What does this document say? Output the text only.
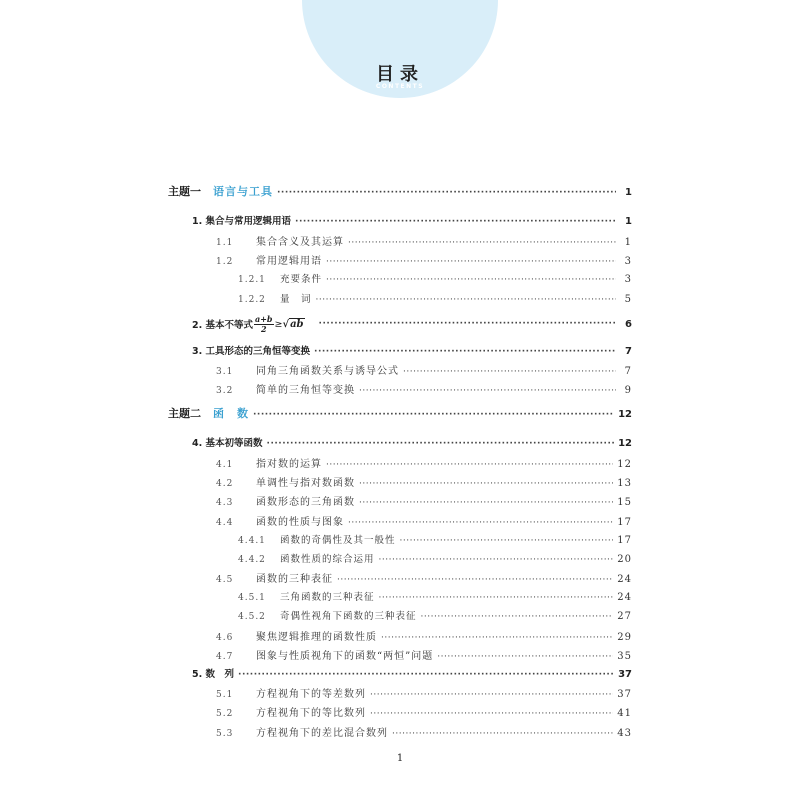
目录
CONTENTS
主题一 语言与工具 ·····	1
1. 集合与常用逻辑用语 ·····	1
1.1	集合含义及其运算 ·····	1
1.2	常用逻辑用语 ·····	3
1.2.1	充要条件 ·····	3
1.2.2	量　词 ·····	5
2. 基本不等式 $\frac{a+b}{2} \ge √ab$ ·····	6
3. 工具形态的三角恒等变换 ·····	7
3.1	同角三角函数关系与诱导公式 ·····	7
3.2	简单的三角恒等变换 ·····	9
主题二 函　数 ·····	12
4. 基本初等函数 ·····	12
4.1	指对数的运算 ·····	12
4.2	单调性与指对数函数 ·····	13
4.3	函数形态的三角函数 ·····	15
4.4	函数的性质与图象 ·····	17
4.4.1	函数的奇偶性及其一般性 ·····	17
4.4.2	函数性质的综合运用 ·····	20
4.5	函数的三种表征 ·····	24
4.5.1	三角函数的三种表征 ·····	24
4.5.2	奇偶性视角下函数的三种表征 ·····	27
4.6	聚焦逻辑推理的函数性质 ·····	29
4.7	图象与性质视角下的函数“两恒”问题 ·····	35
5. 数　列 ·····	37
5.1	方程视角下的等差数列 ·····	37
5.2	方程视角下的等比数列 ·····	41
5.3	方程视角下的差比混合数列 ·····	43
1
